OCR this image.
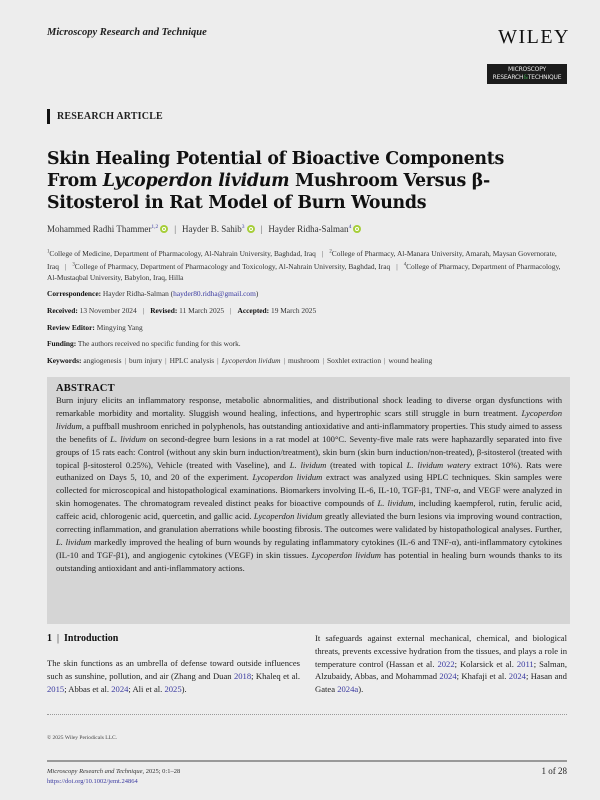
Microscopy Research and Technique	WILEY
MICROSCOPY
RESEARCH&TECHNIQUE
RESEARCH ARTICLE
Skin Healing Potential of Bioactive Components From Lycoperdon lividum Mushroom Versus β-Sitosterol in Rat Model of Burn Wounds
Mohammed Radhi Thammer$^{1,2}$ | Hayder B. Sahib$^3$ | Hayder Ridha-Salman$^4$
$^1$College of Medicine, Department of Pharmacology, Al-Nahrain University, Baghdad, Iraq | $^2$College of Pharmacy, Al-Manara University, Amarah, Maysan Governorate, Iraq | $^3$College of Pharmacy, Department of Pharmacology and Toxicology, Al-Nahrain University, Baghdad, Iraq | $^4$College of Pharmacy, Department of Pharmacology, Al-Mustaqbal University, Babylon, Iraq, Hilla
Correspondence: Hayder Ridha-Salman (hayder80.ridha@gmail.com)
Received: 13 November 2024 | Revised: 11 March 2025 | Accepted: 19 March 2025
Review Editor: Mingying Yang
Funding: The authors received no specific funding for this work.
Keywords: angiogenesis | burn injury | HPLC analysis | Lycoperdon lividum | mushroom | Soxhlet extraction | wound healing
ABSTRACT

Burn injury elicits an inflammatory response, metabolic abnormalities, and distributional shock leading to diverse organ dysfunctions with remarkable morbidity and mortality. Sluggish wound healing, infections, and hypertrophic scars still struggle in burn treatment. Lycoperdon lividum, a puffball mushroom enriched in polyphenols, has outstanding antioxidative and anti-inflammatory properties. This study aimed to assess the benefits of L. lividum on second-degree burn lesions in a rat model at 100°C. Seventy-five male rats were haphazardly separated into five groups of 15 rats each: Control (without any skin burn induction/treatment), skin burn (skin burn induction/non-treated), β-sitosterol (treated with topical β-sitosterol 0.25%), Vehicle (treated with Vaseline), and L. lividum (treated with topical L. lividum watery extract 10%). Rats were euthanized on Days 5, 10, and 20 of the experiment. Lycoperdon lividum extract was analyzed using HPLC techniques. Skin samples were collected for microscopical and histopathological examinations. Biomarkers involving IL-6, IL-10, TGF-β1, TNF-α, and VEGF were analyzed in skin homogenates. The chromatogram revealed distinct peaks for bioactive compounds of L. lividum, including kaempferol, rutin, ferulic acid, caffeic acid, chlorogenic acid, quercetin, and gallic acid. Lycoperdon lividum greatly alleviated the burn lesions via improving wound contraction, correcting inflammation, and granulation aberrations while boosting fibrosis. The outcomes were validated by histopathological analyses. Further, L. lividum markedly improved the healing of burn wounds by regulating inflammatory cytokines (IL-6 and TNF-α), anti-inflammatory cytokines (IL-10 and TGF-β1), and angiogenic cytokines (VEGF) in skin tissues. Lycoperdon lividum has potential in healing burn wounds thanks to its outstanding antioxidant and anti-inflammatory actions.

1 | Introduction
The skin functions as an umbrella of defense toward outside influences such as sunshine, pollution, and air (Zhang and Duan 2018; Khaleq et al. 2015; Abbas et al. 2024; Ali et al. 2025).
It safeguards against external mechanical, chemical, and biological threats, prevents excessive hydration from the tissues, and plays a role in temperature control (Hassan et al. 2022; Kolarsick et al. 2011; Salman, Alzubaidy, Abbas, and Mohammad 2024; Khafaji et al. 2024; Hasan and Gatea 2024a).
© 2025 Wiley Periodicals LLC.
Microscopy Research and Technique, 2025; 0:1–28
https://doi.org/10.1002/jemt.24864
1 of 28
